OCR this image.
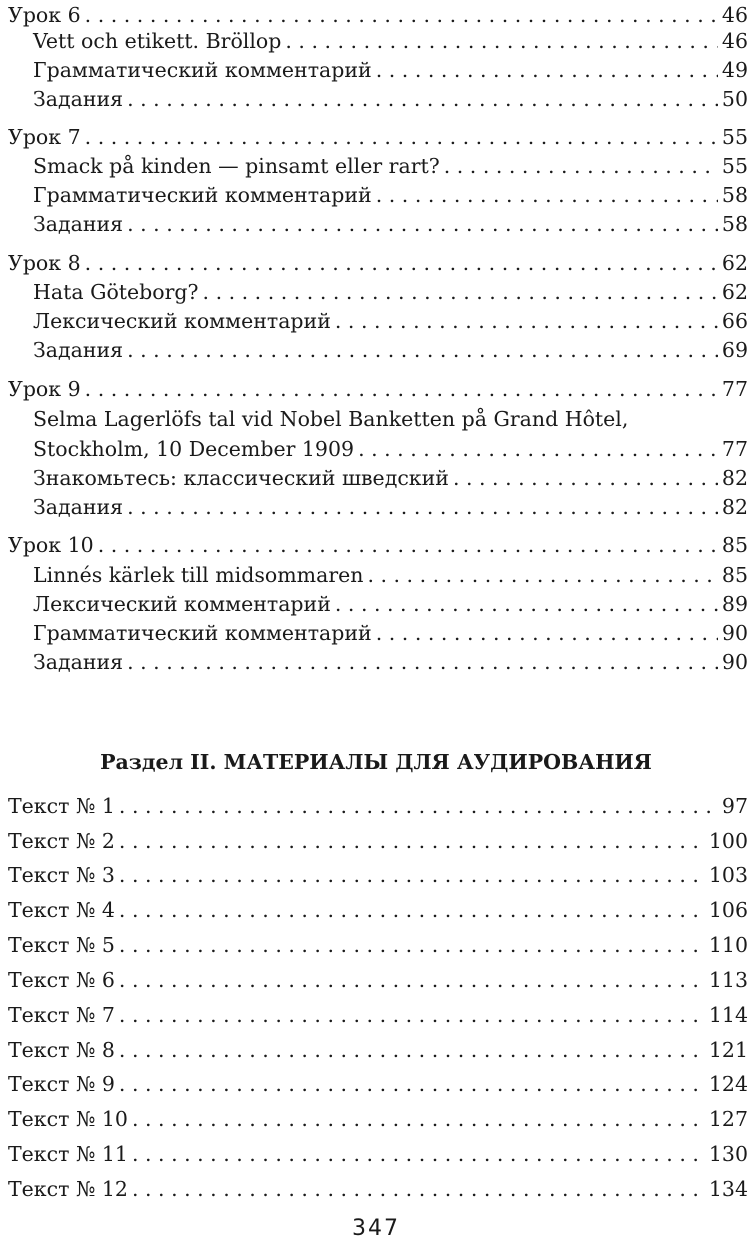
Урок 6 . . .	46
Vett och etikett. Bröllop . . .	46
Грамматический комментарий . . .	49
Задания . . .	50
Урок 7 . . .	55
Smack på kinden — pinsamt eller rart? . . .	55
Грамматический комментарий . . .	58
Задания . . .	58
Урок 8 . . .	62
Hata Göteborg? . . .	62
Лексический комментарий . . .	66
Задания . . .	69
Урок 9 . . .	77
Selma Lagerlöfs tal vid Nobel Banketten på Grand Hôtel,
Stockholm, 10 December 1909 . . .	77
Знакомьтесь: классический шведский . . .	82
Задания . . .	82
Урок 10 . . .	85
Linnés kärlek till midsommaren . . .	85
Лексический комментарий . . .	89
Грамматический комментарий . . .	90
Задания . . .	90
Раздел II. МАТЕРИАЛЫ ДЛЯ АУДИРОВАНИЯ
Текст № 1 . . .	97
Текст № 2 . . .	100
Текст № 3 . . .	103
Текст № 4 . . .	106
Текст № 5 . . .	110
Текст № 6 . . .	113
Текст № 7 . . .	114
Текст № 8 . . .	121
Текст № 9 . . .	124
Текст № 10 . . .	127
Текст № 11 . . .	130
Текст № 12 . . .	134
347
